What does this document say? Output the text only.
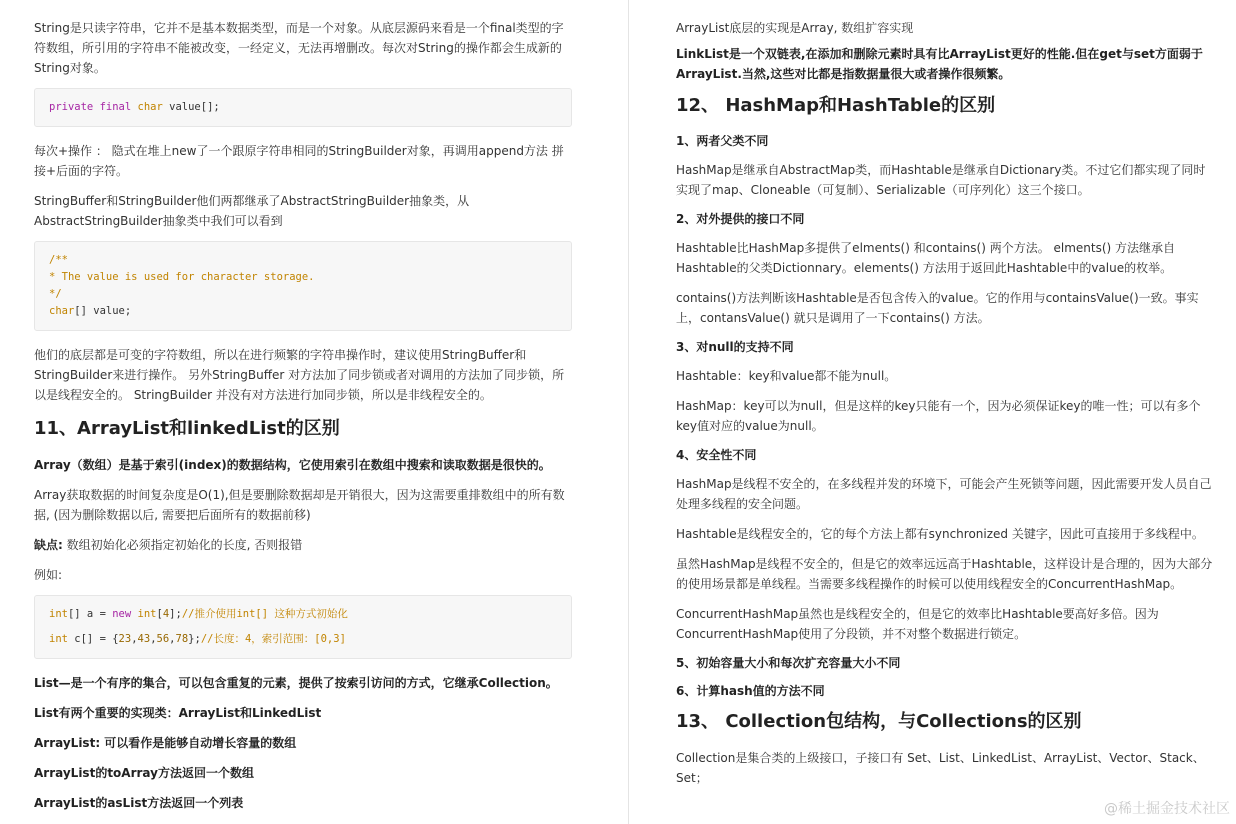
String是只读字符串，它并不是基本数据类型，而是一个对象。从底层源码来看是一个final类型的字符数组，所引用的字符串不能被改变，一经定义，无法再增删改。每次对String的操作都会生成新的String对象。

private final char value[];

每次+操作 ： 隐式在堆上new了一个跟原字符串相同的StringBuilder对象，再调用append方法 拼接+后面的字符。

StringBuffer和StringBuilder他们两都继承了AbstractStringBuilder抽象类，从AbstractStringBuilder抽象类中我们可以看到

/**
* The value is used for character storage.
*/
char[] value;

他们的底层都是可变的字符数组，所以在进行频繁的字符串操作时，建议使用StringBuffer和StringBuilder来进行操作。 另外StringBuffer 对方法加了同步锁或者对调用的方法加了同步锁，所以是线程安全的。 StringBuilder 并没有对方法进行加同步锁，所以是非线程安全的。

11、ArrayList和linkedList的区别

Array（数组）是基于索引(index)的数据结构，它使用索引在数组中搜索和读取数据是很快的。

Array获取数据的时间复杂度是O(1),但是要删除数据却是开销很大，因为这需要重排数组中的所有数据, (因为删除数据以后, 需要把后面所有的数据前移)

缺点: 数组初始化必须指定初始化的长度, 否则报错

例如:

int[] a = new int[4];//推介使用int[] 这种方式初始化
int c[] = {23,43,56,78};//长度：4，索引范围：[0,3]

List—是一个有序的集合，可以包含重复的元素，提供了按索引访问的方式，它继承Collection。

List有两个重要的实现类：ArrayList和LinkedList

ArrayList: 可以看作是能够自动增长容量的数组

ArrayList的toArray方法返回一个数组

ArrayList的asList方法返回一个列表

ArrayList底层的实现是Array, 数组扩容实现

LinkList是一个双链表,在添加和删除元素时具有比ArrayList更好的性能.但在get与set方面弱于ArrayList.当然,这些对比都是指数据量很大或者操作很频繁。

12、 HashMap和HashTable的区别
1、两者父类不同

HashMap是继承自AbstractMap类，而Hashtable是继承自Dictionary类。不过它们都实现了同时实现了map、Cloneable（可复制）、Serializable（可序列化）这三个接口。

2、对外提供的接口不同

Hashtable比HashMap多提供了elments() 和contains() 两个方法。 elments() 方法继承自Hashtable的父类Dictionnary。elements() 方法用于返回此Hashtable中的value的枚举。

contains()方法判断该Hashtable是否包含传入的value。它的作用与containsValue()一致。事实上，contansValue() 就只是调用了一下contains() 方法。

3、对null的支持不同

Hashtable：key和value都不能为null。

HashMap：key可以为null，但是这样的key只能有一个，因为必须保证key的唯一性；可以有多个key值对应的value为null。

4、安全性不同

HashMap是线程不安全的，在多线程并发的环境下，可能会产生死锁等问题，因此需要开发人员自己处理多线程的安全问题。

Hashtable是线程安全的，它的每个方法上都有synchronized 关键字，因此可直接用于多线程中。

虽然HashMap是线程不安全的，但是它的效率远远高于Hashtable，这样设计是合理的，因为大部分的使用场景都是单线程。当需要多线程操作的时候可以使用线程安全的ConcurrentHashMap。

ConcurrentHashMap虽然也是线程安全的，但是它的效率比Hashtable要高好多倍。因为ConcurrentHashMap使用了分段锁，并不对整个数据进行锁定。

5、初始容量大小和每次扩充容量大小不同
6、计算hash值的方法不同
13、 Collection包结构，与Collections的区别

Collection是集合类的上级接口，子接口有 Set、List、LinkedList、ArrayList、Vector、Stack、Set；

@稀土掘金技术社区
